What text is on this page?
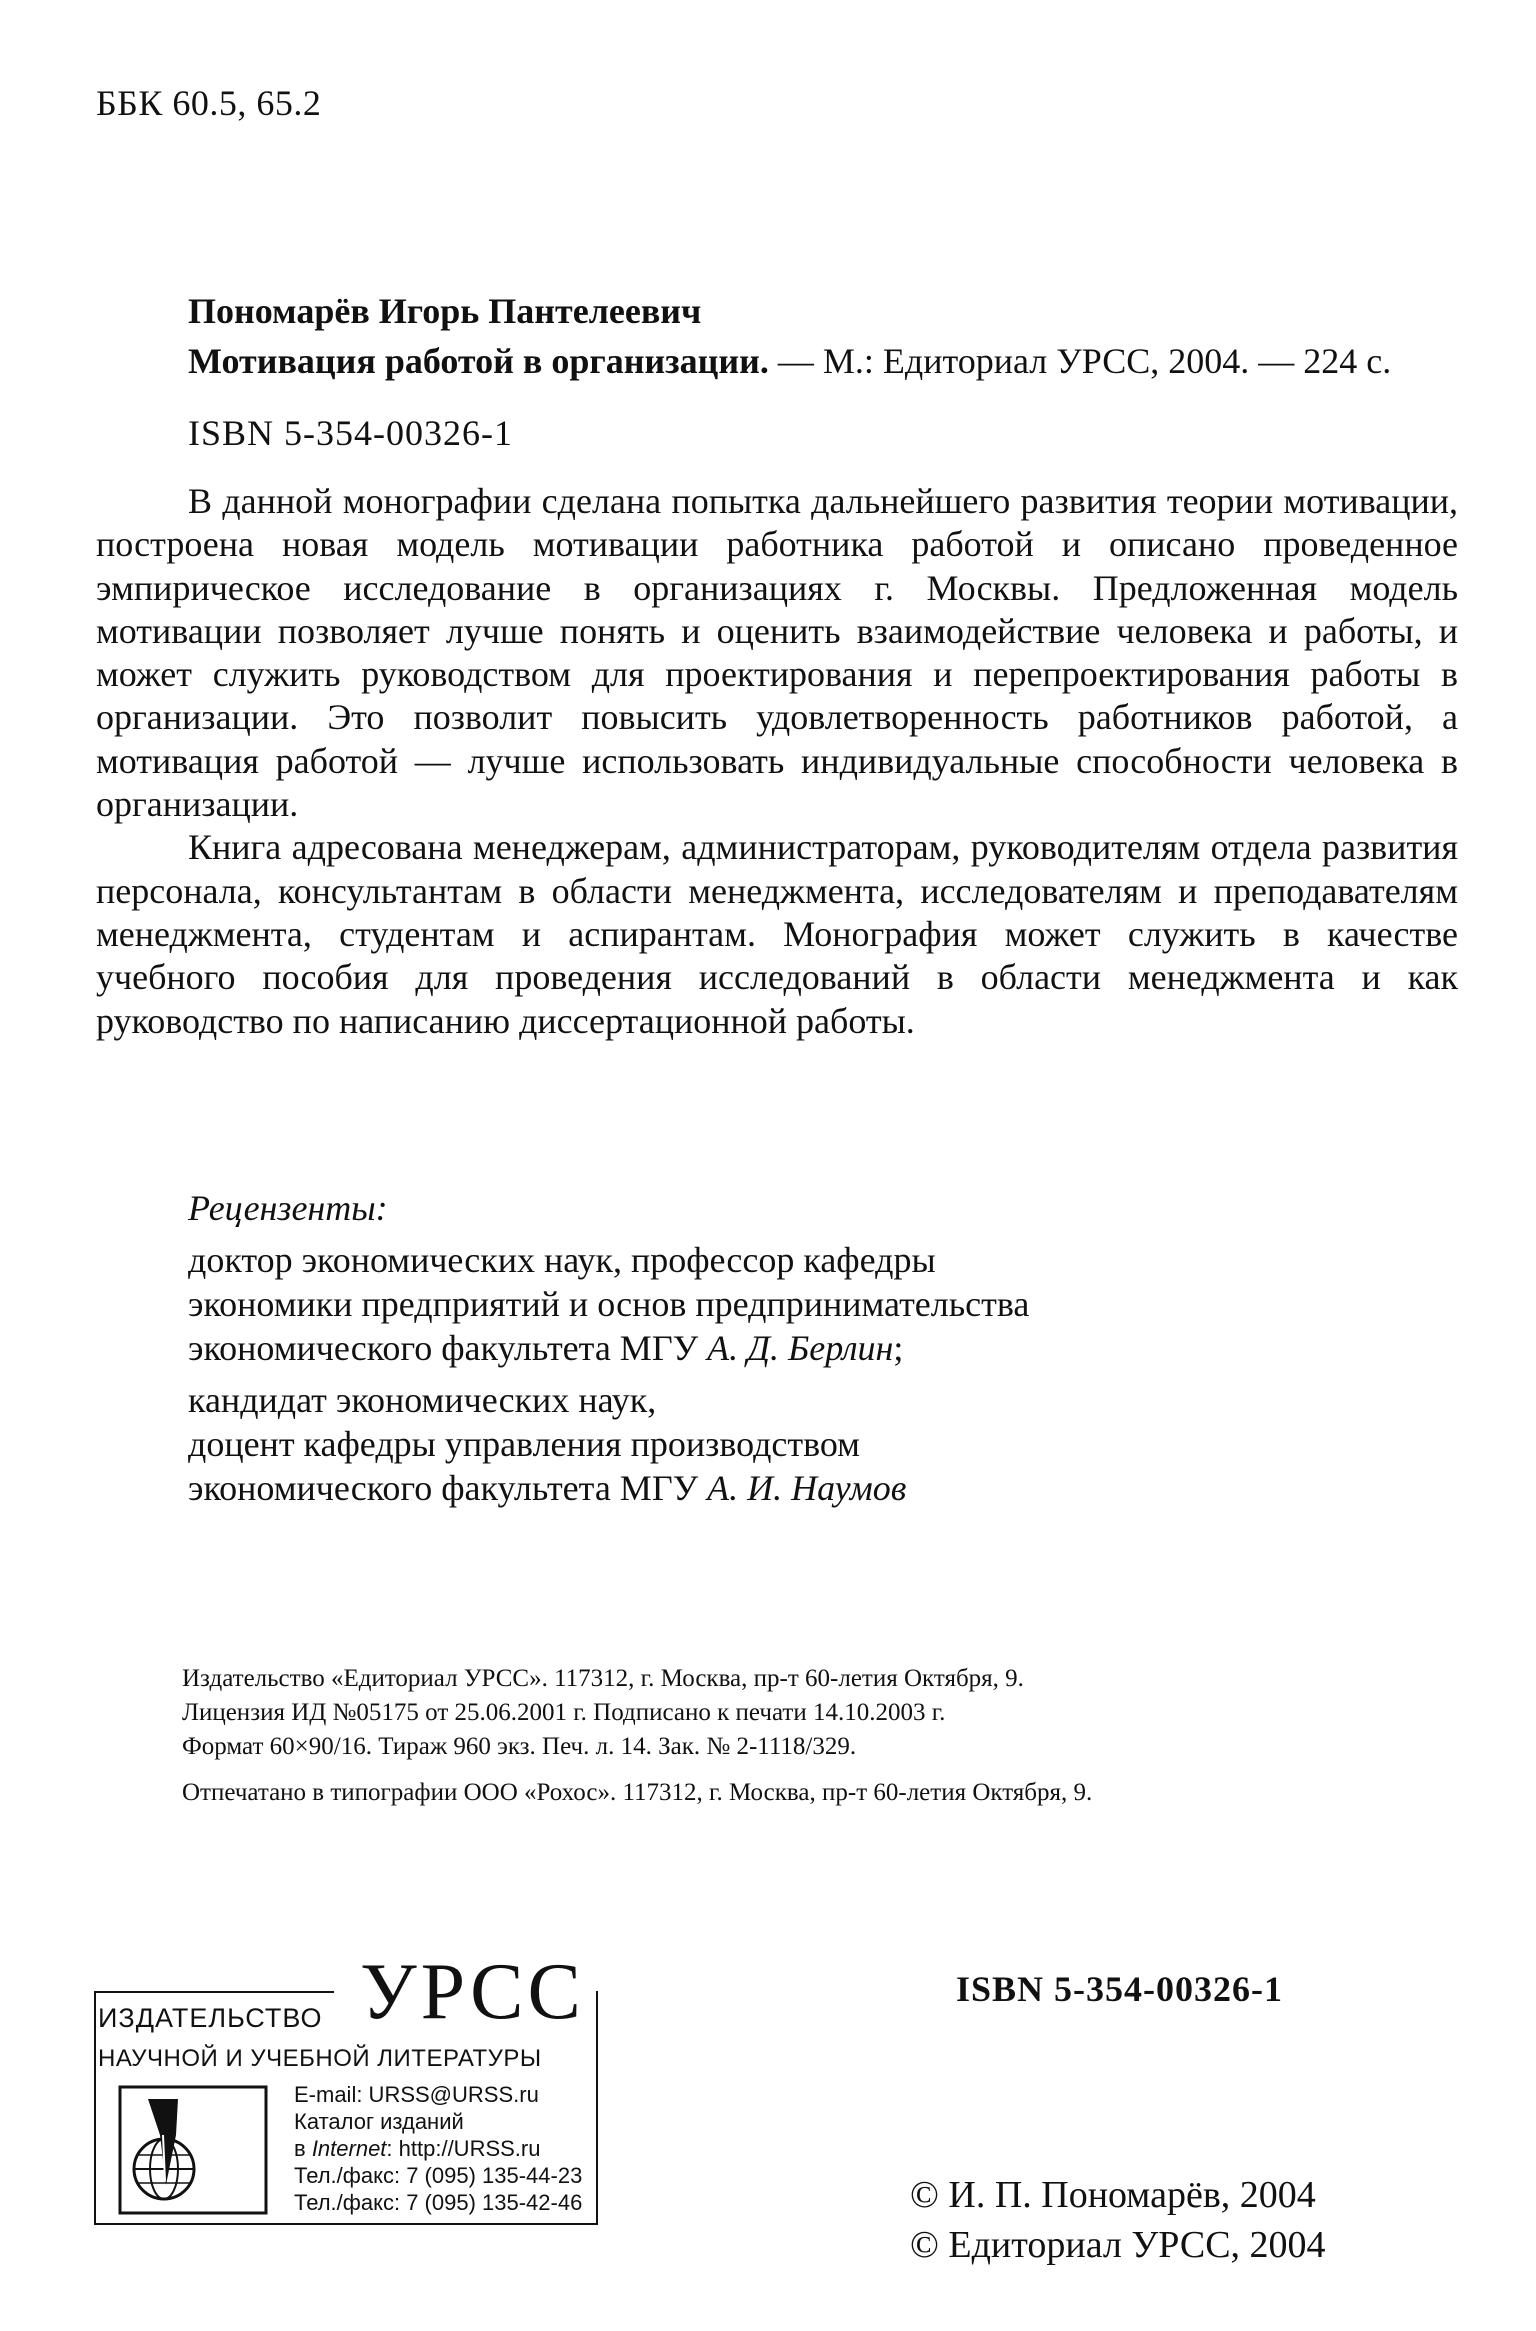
ББК 60.5, 65.2
Пономарёв Игорь Пантелеевич
Мотивация работой в организации. — М.: Едиториал УРСС, 2004. — 224 с.
ISBN 5-354-00326-1

В данной монографии сделана попытка дальнейшего развития теории мотивации, построена новая модель мотивации работника работой и описано проведенное эмпирическое исследование в организациях г. Москвы. Предложенная модель мотивации позволяет лучше понять и оценить взаимодействие человека и работы, и может служить руководством для проектирования и перепроектирования работы в организации. Это позволит повысить удовлетворенность работников работой, а мотивация работой — лучше использовать индивидуальные способности человека в организации.

Книга адресована менеджерам, администраторам, руководителям отдела развития персонала, консультантам в области менеджмента, исследователям и преподавателям менеджмента, студентам и аспирантам. Монография может служить в качестве учебного пособия для проведения исследований в области менеджмента и как руководство по написанию диссертационной работы.

Рецензенты:
доктор экономических наук, профессор кафедры
экономики предприятий и основ предпринимательства
экономического факультета МГУ А. Д. Берлин;
кандидат экономических наук,
доцент кафедры управления производством
экономического факультета МГУ А. И. Наумов
Издательство «Едиториал УРСС». 117312, г. Москва, пр-т 60-летия Октября, 9.
Лицензия ИД №05175 от 25.06.2001 г. Подписано к печати 14.10.2003 г.
Формат 60×90/16. Тираж 960 экз. Печ. л. 14. Зак. № 2-1118/329.
Отпечатано в типографии ООО «Рохос». 117312, г. Москва, пр-т 60-летия Октября, 9.
ИЗДАТЕЛЬСТВО УРСС
НАУЧНОЙ И УЧЕБНОЙ ЛИТЕРАТУРЫ
E-mail: URSS@URSS.ru
Каталог изданий
в Internet: http://URSS.ru
Тел./факс: 7 (095) 135-44-23
Тел./факс: 7 (095) 135-42-46
ISBN 5-354-00326-1
© И. П. Пономарёв, 2004
© Едиториал УРСС, 2004
